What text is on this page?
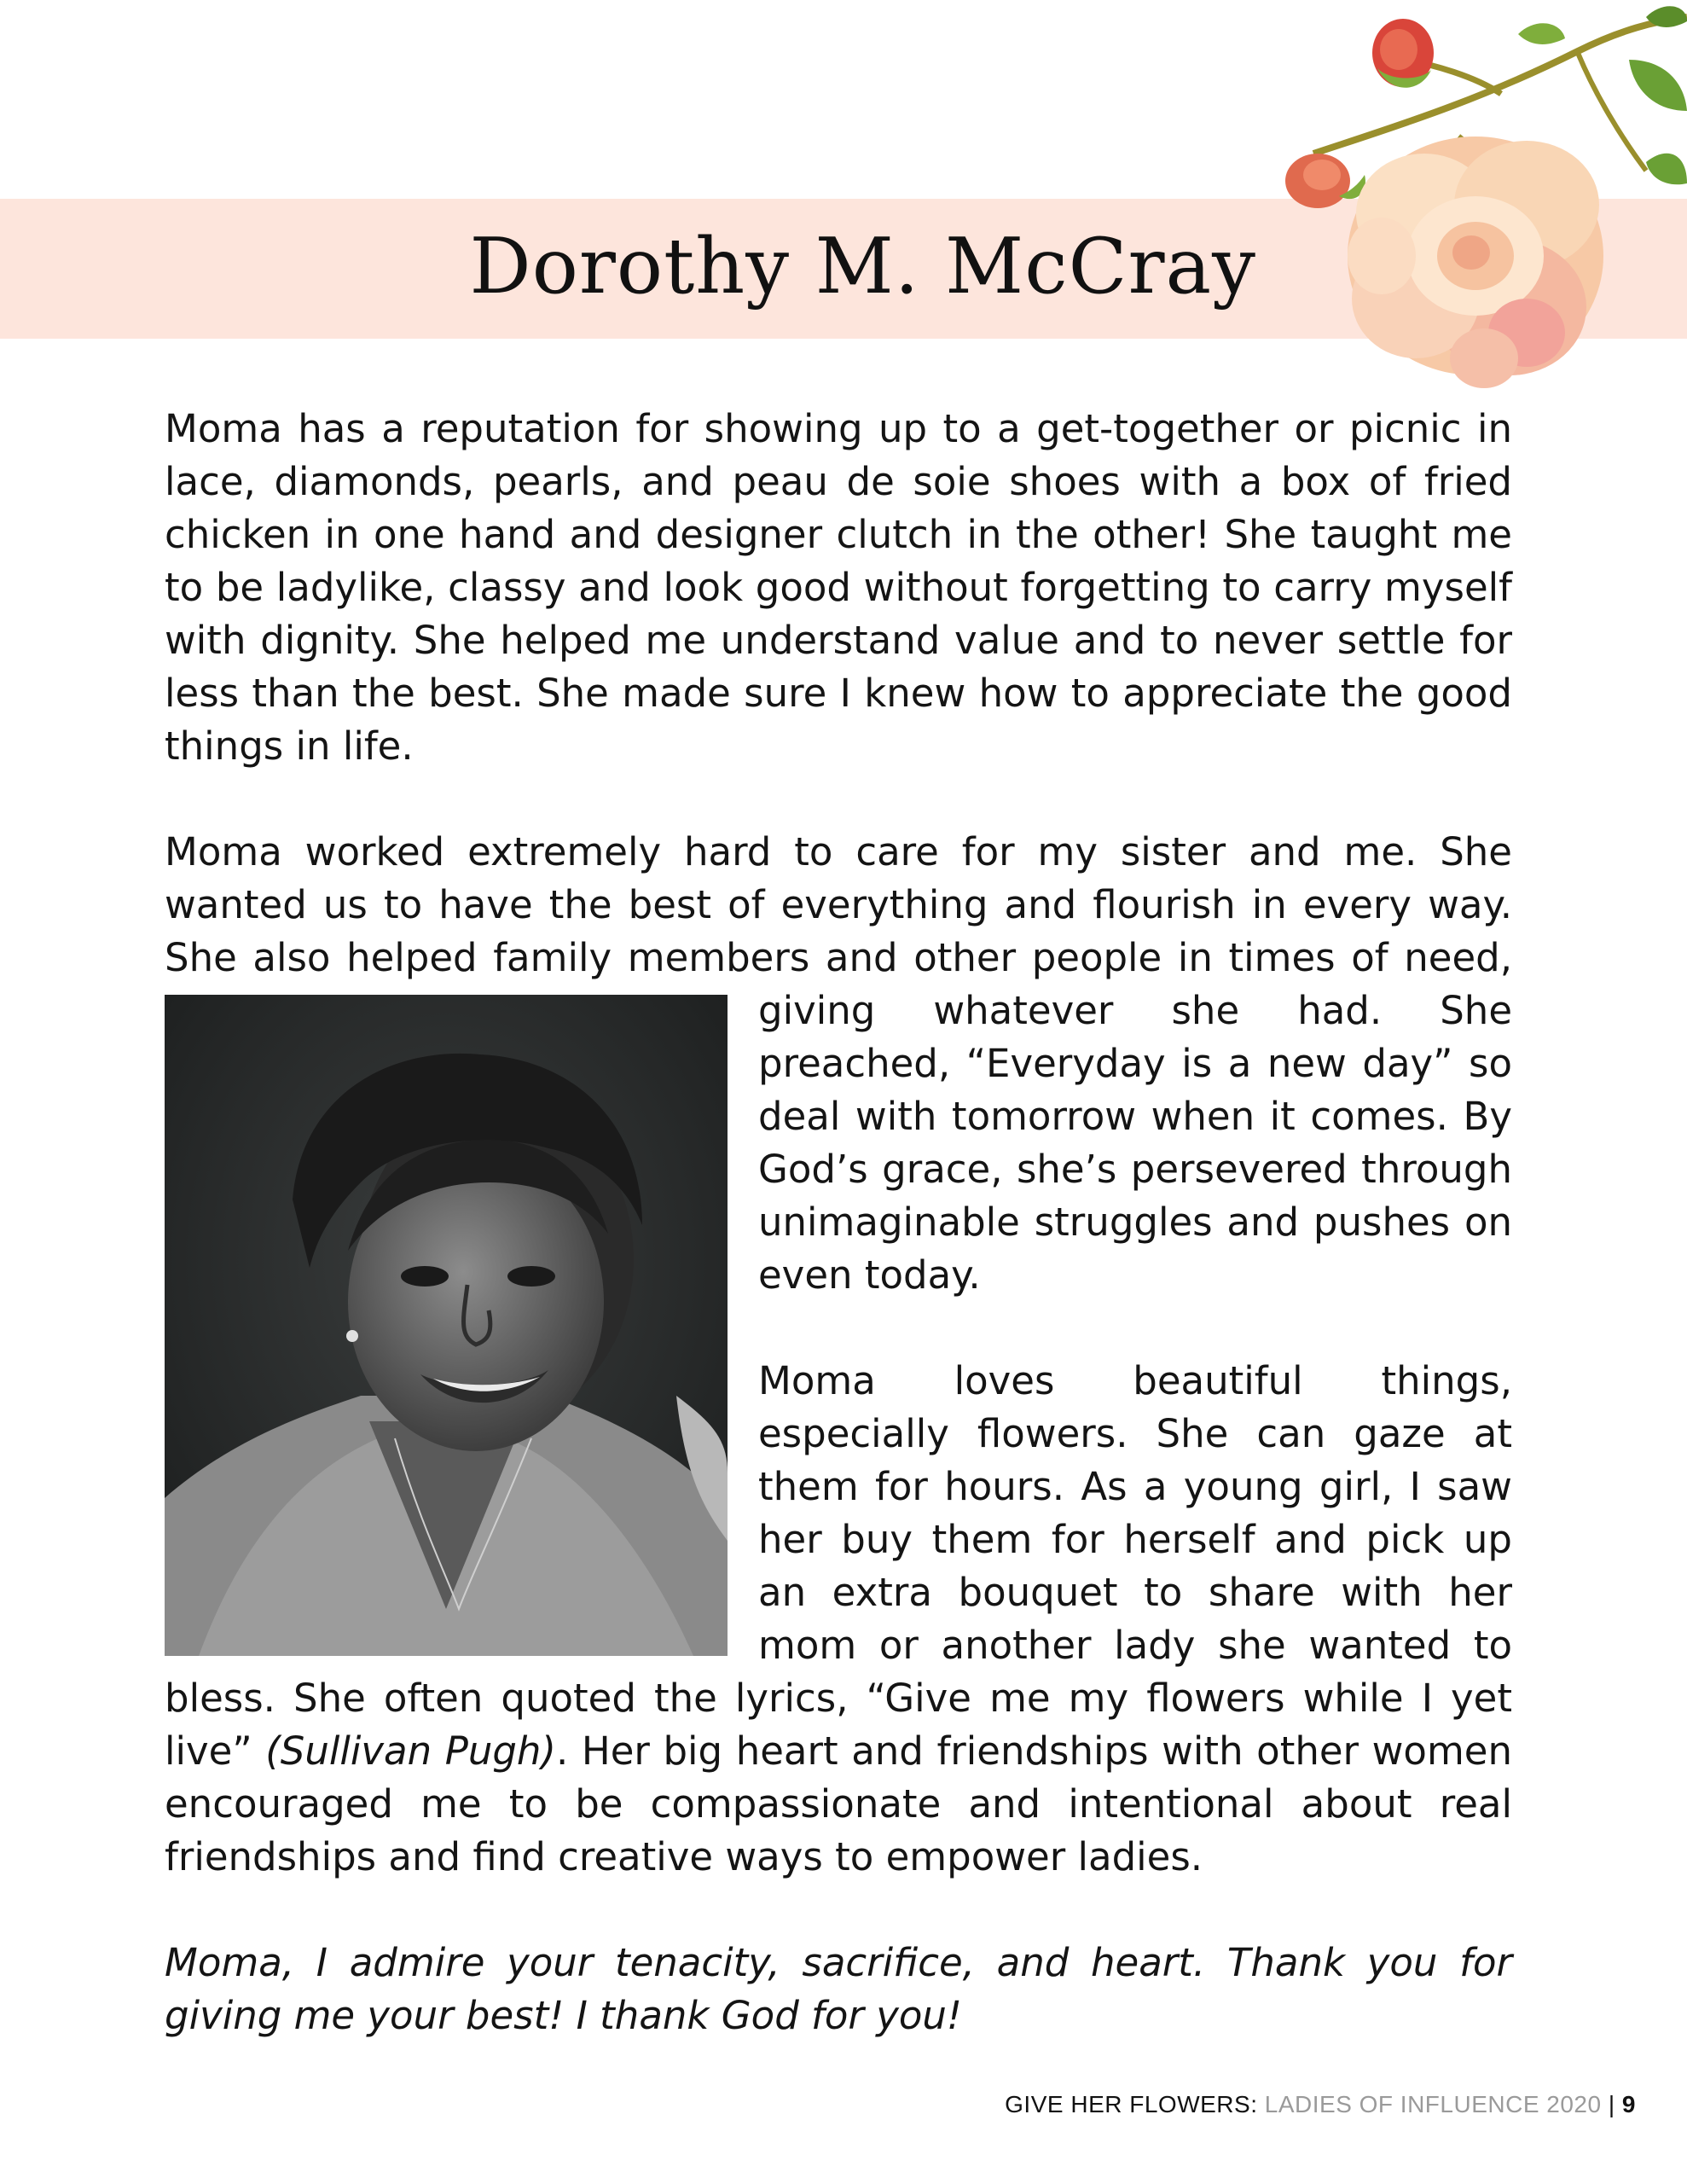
Dorothy M. McCray

Moma has a reputation for showing up to a get-together or picnic in lace, diamonds, pearls, and peau de soie shoes with a box of fried chicken in one hand and designer clutch in the other! She taught me to be ladylike, classy and look good without forgetting to carry myself with dignity. She helped me understand value and to never settle for less than the best. She made sure I knew how to appreciate the good things in life.

Moma worked extremely hard to care for my sister and me. She wanted us to have the best of everything and flourish in every way. She also helped family members and other people in times of need,
giving whatever she had. She preached, “Everyday is a new day” so deal with tomorrow when it comes. By God’s grace, she’s persevered through unimaginable struggles and pushes on even today.

Moma loves beautiful things, especially flowers. She can gaze at them for hours. As a young girl, I saw her buy them for herself and pick up an extra bouquet to share with her mom or another lady she wanted to bless. She often quoted the lyrics, “Give me my flowers while I yet live” (Sullivan Pugh). Her big heart and friendships with other women encouraged me to be compassionate and intentional about real friendships and find creative ways to empower ladies.

Moma, I admire your tenacity, sacrifice, and heart. Thank you for giving me your best! I thank God for you!

GIVE HER FLOWERS: LADIES OF INFLUENCE 2020 | 9
